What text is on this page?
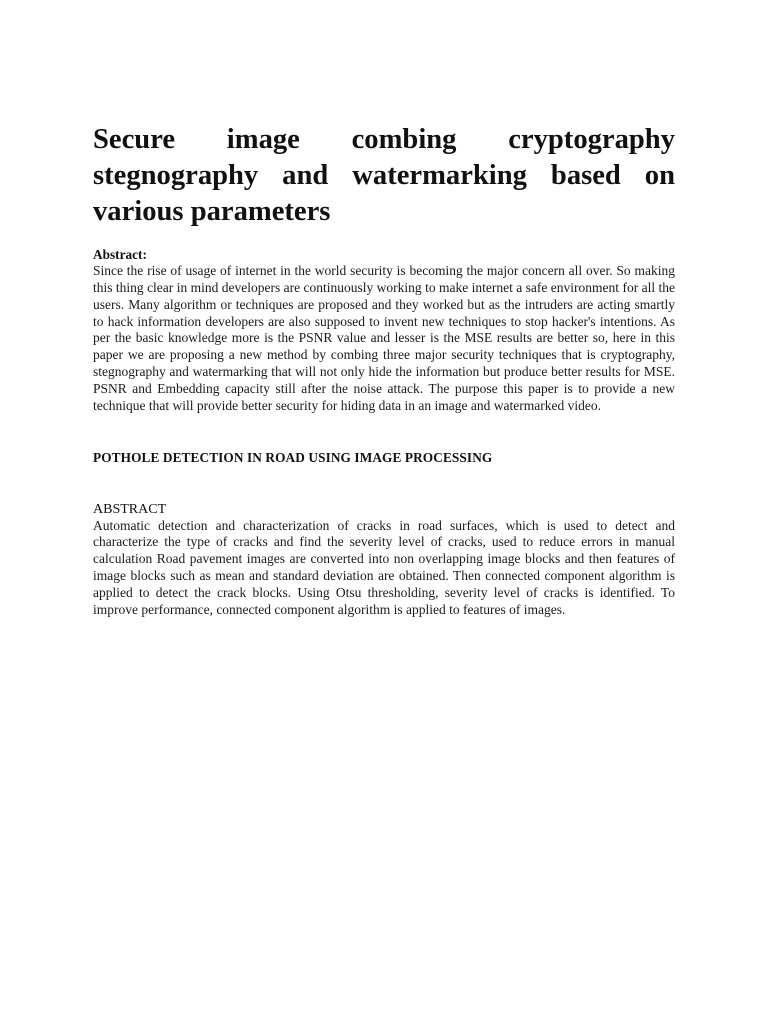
Secure image combing cryptography stegnography and watermarking based on various parameters

Abstract:

Since the rise of usage of internet in the world security is becoming the major concern all over. So making this thing clear in mind developers are continuously working to make internet a safe environment for all the users. Many algorithm or techniques are proposed and they worked but as the intruders are acting smartly to hack information developers are also supposed to invent new techniques to stop hacker's intentions. As per the basic knowledge more is the PSNR value and lesser is the MSE results are better so, here in this paper we are proposing a new method by combing three major security techniques that is cryptography, stegnography and watermarking that will not only hide the information but produce better results for MSE. PSNR and Embedding capacity still after the noise attack. The purpose this paper is to provide a new technique that will provide better security for hiding data in an image and watermarked video.

POTHOLE DETECTION IN ROAD USING IMAGE PROCESSING

ABSTRACT

Automatic detection and characterization of cracks in road surfaces, which is used to detect and characterize the type of cracks and find the severity level of cracks, used to reduce errors in manual calculation Road pavement images are converted into non overlapping image blocks and then features of image blocks such as mean and standard deviation are obtained. Then connected component algorithm is applied to detect the crack blocks. Using Otsu thresholding, severity level of cracks is identified. To improve performance, connected component algorithm is applied to features of images.
